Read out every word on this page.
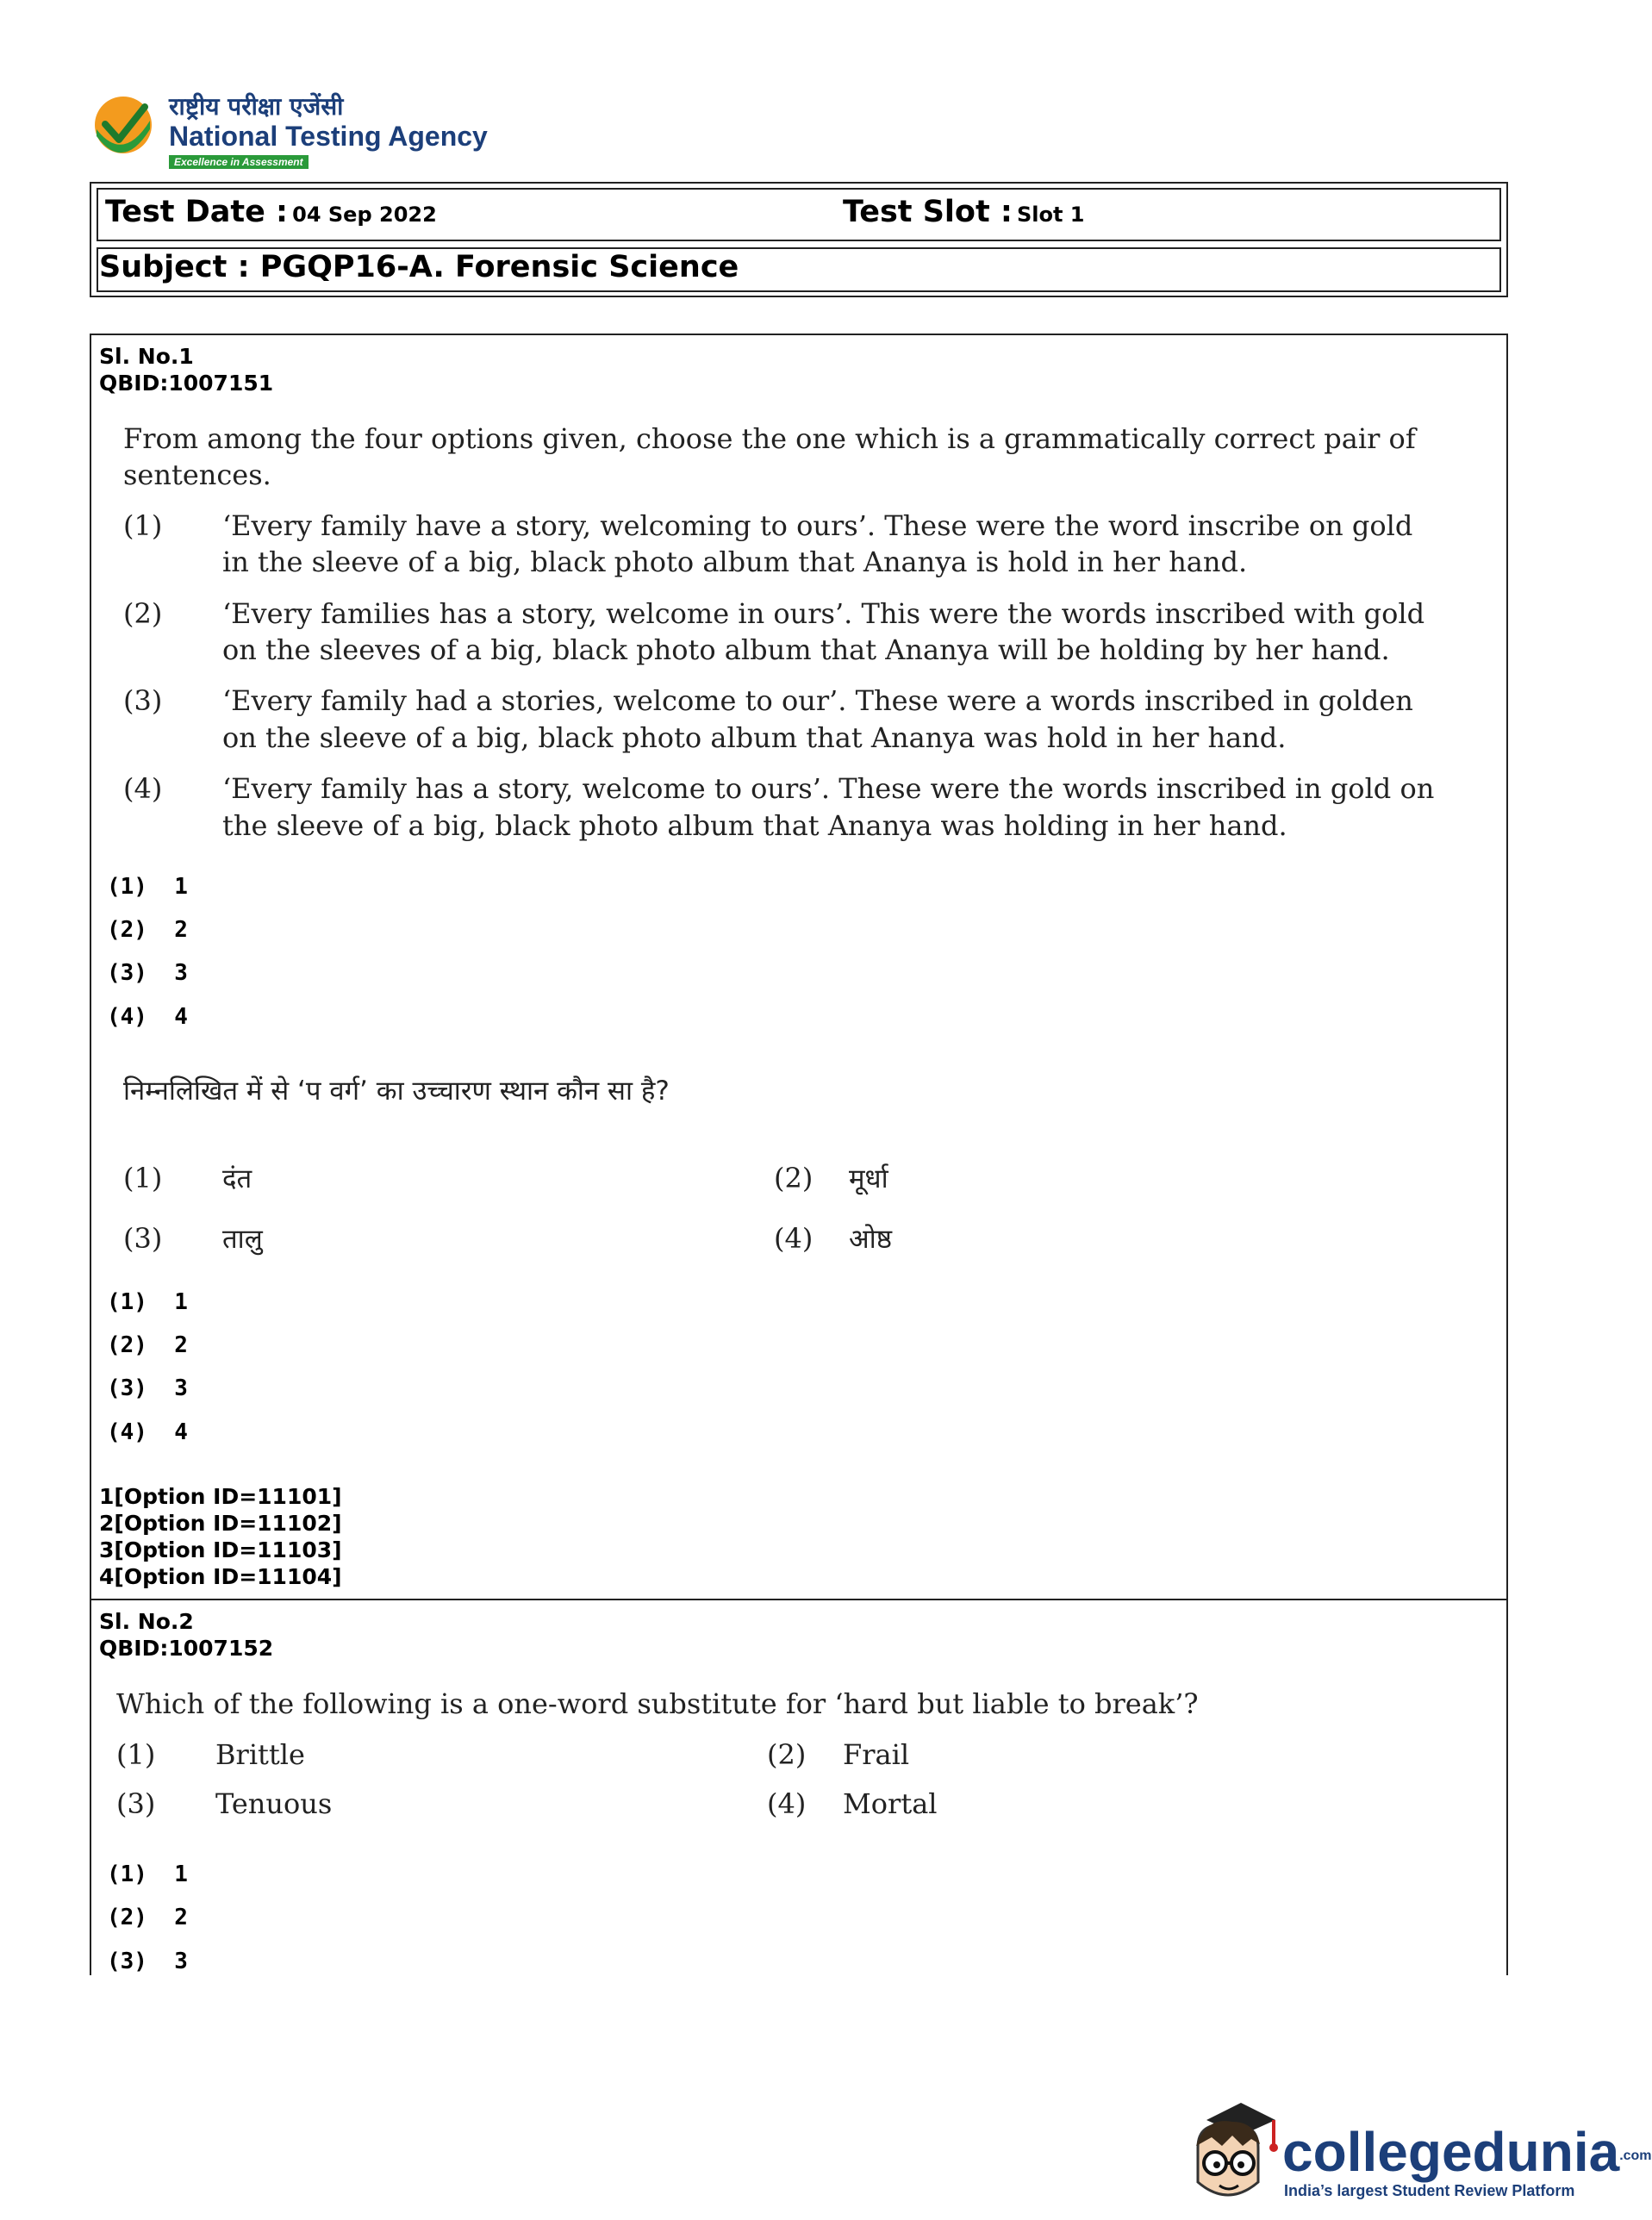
राष्ट्रीय परीक्षा एजेंसी
National Testing Agency
Excellence in Assessment
Test Date : 04 Sep 2022	Test Slot : Slot 1
Subject : PGQP16-A. Forensic Science
Sl. No.1
QBID:1007151
From among the four options given, choose the one which is a grammatically correct pair of
sentences.
(1) ‘Every family have a story, welcoming to ours’. These were the word inscribe on gold
in the sleeve of a big, black photo album that Ananya is hold in her hand.
(2) ‘Every families has a story, welcome in ours’. This were the words inscribed with gold
on the sleeves of a big, black photo album that Ananya will be holding by her hand.
(3) ‘Every family had a stories, welcome to our’. These were a words inscribed in golden
on the sleeve of a big, black photo album that Ananya was hold in her hand.
(4) ‘Every family has a story, welcome to ours’. These were the words inscribed in gold on
the sleeve of a big, black photo album that Ananya was holding in her hand.
(1)  1
(2)  2
(3)  3
(4)  4
निम्नलिखित में से ‘प वर्ग’ का उच्चारण स्थान कौन सा है?
(1) दंत	(2) मूर्धा
(3) तालु	(4) ओष्ठ
(1)  1
(2)  2
(3)  3
(4)  4
1[Option ID=11101]
2[Option ID=11102]
3[Option ID=11103]
4[Option ID=11104]
Sl. No.2
QBID:1007152
Which of the following is a one-word substitute for ‘hard but liable to break’?
(1) Brittle	(2) Frail
(3) Tenuous	(4) Mortal
(1)  1
(2)  2
(3)  3
collegedunia.com
India’s largest Student Review Platform
